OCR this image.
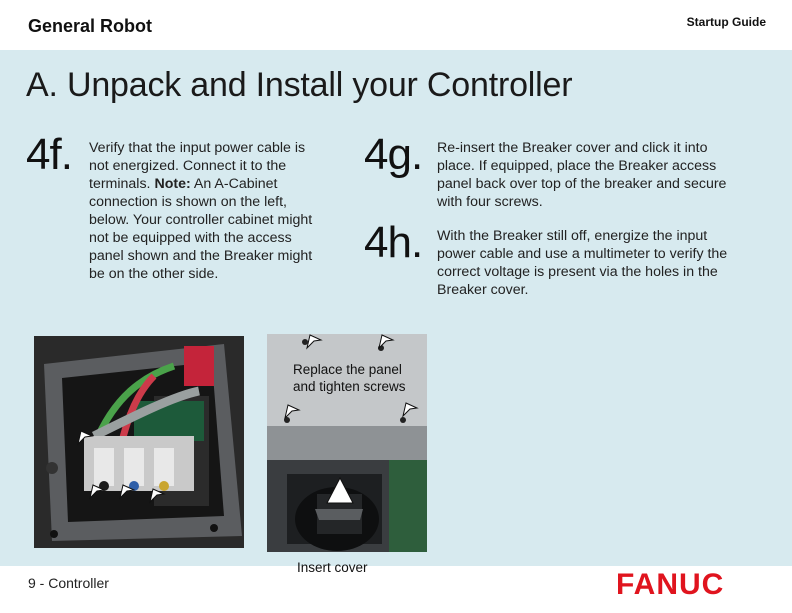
General Robot	Startup Guide
A. Unpack and Install your Controller
4f. Verify that the input power cable is
not energized. Connect it to the
terminals. Note: An A-Cabinet
connection is shown on the left,
below. Your controller cabinet might
not be equipped with the access
panel shown and the Breaker might
be on the other side.
4g. Re-insert the Breaker cover and click it into
place. If equipped, place the Breaker access
panel back over top of the breaker and secure
with four screws.
4h. With the Breaker still off, energize the input
power cable and use a multimeter to verify the
correct voltage is present via the holes in the
Breaker cover.
Replace the panel
and tighten screws
Insert cover
9 - Controller	FANUC
